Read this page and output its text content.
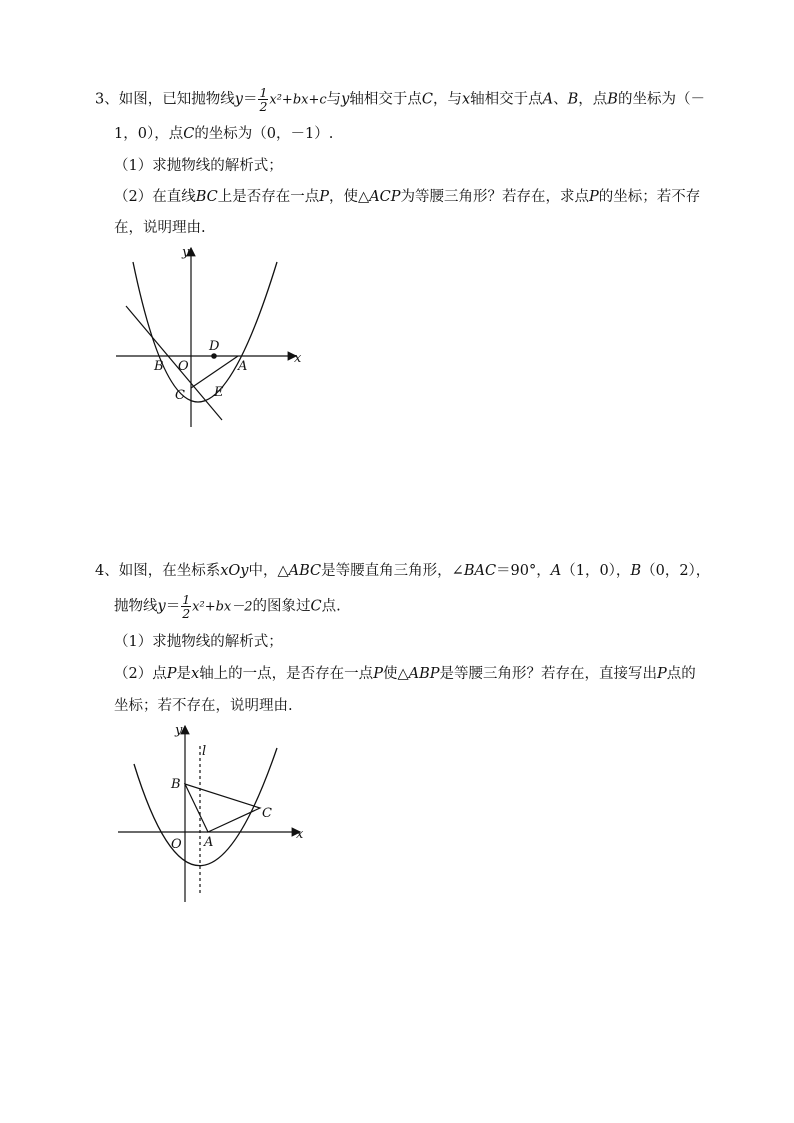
3、如图，已知抛物线$y= \frac{1}{2} x^2+bx+c$与y轴相交于点C，与x轴相交于点A、B，点B的坐标为（－
1，0），点C的坐标为（0，－1）.
（1）求抛物线的解析式；
（2）在直线BC上是否存在一点P，使△ACP为等腰三角形？若存在，求点P的坐标；若不存
在，说明理由.
y
x
B O
D
A
C E
4、如图，在坐标系xOy中，△ABC是等腰直角三角形，∠BAC＝90°，A（1，0），B（0，2），
抛物线$y= \frac{1}{2} x^2+bx-2$的图象过C点.
（1）求抛物线的解析式；
（2）点P是x轴上的一点，是否存在一点P使△ABP是等腰三角形？若存在，直接写出P点的
坐标；若不存在，说明理由.
y
l
B
C
x
O A
